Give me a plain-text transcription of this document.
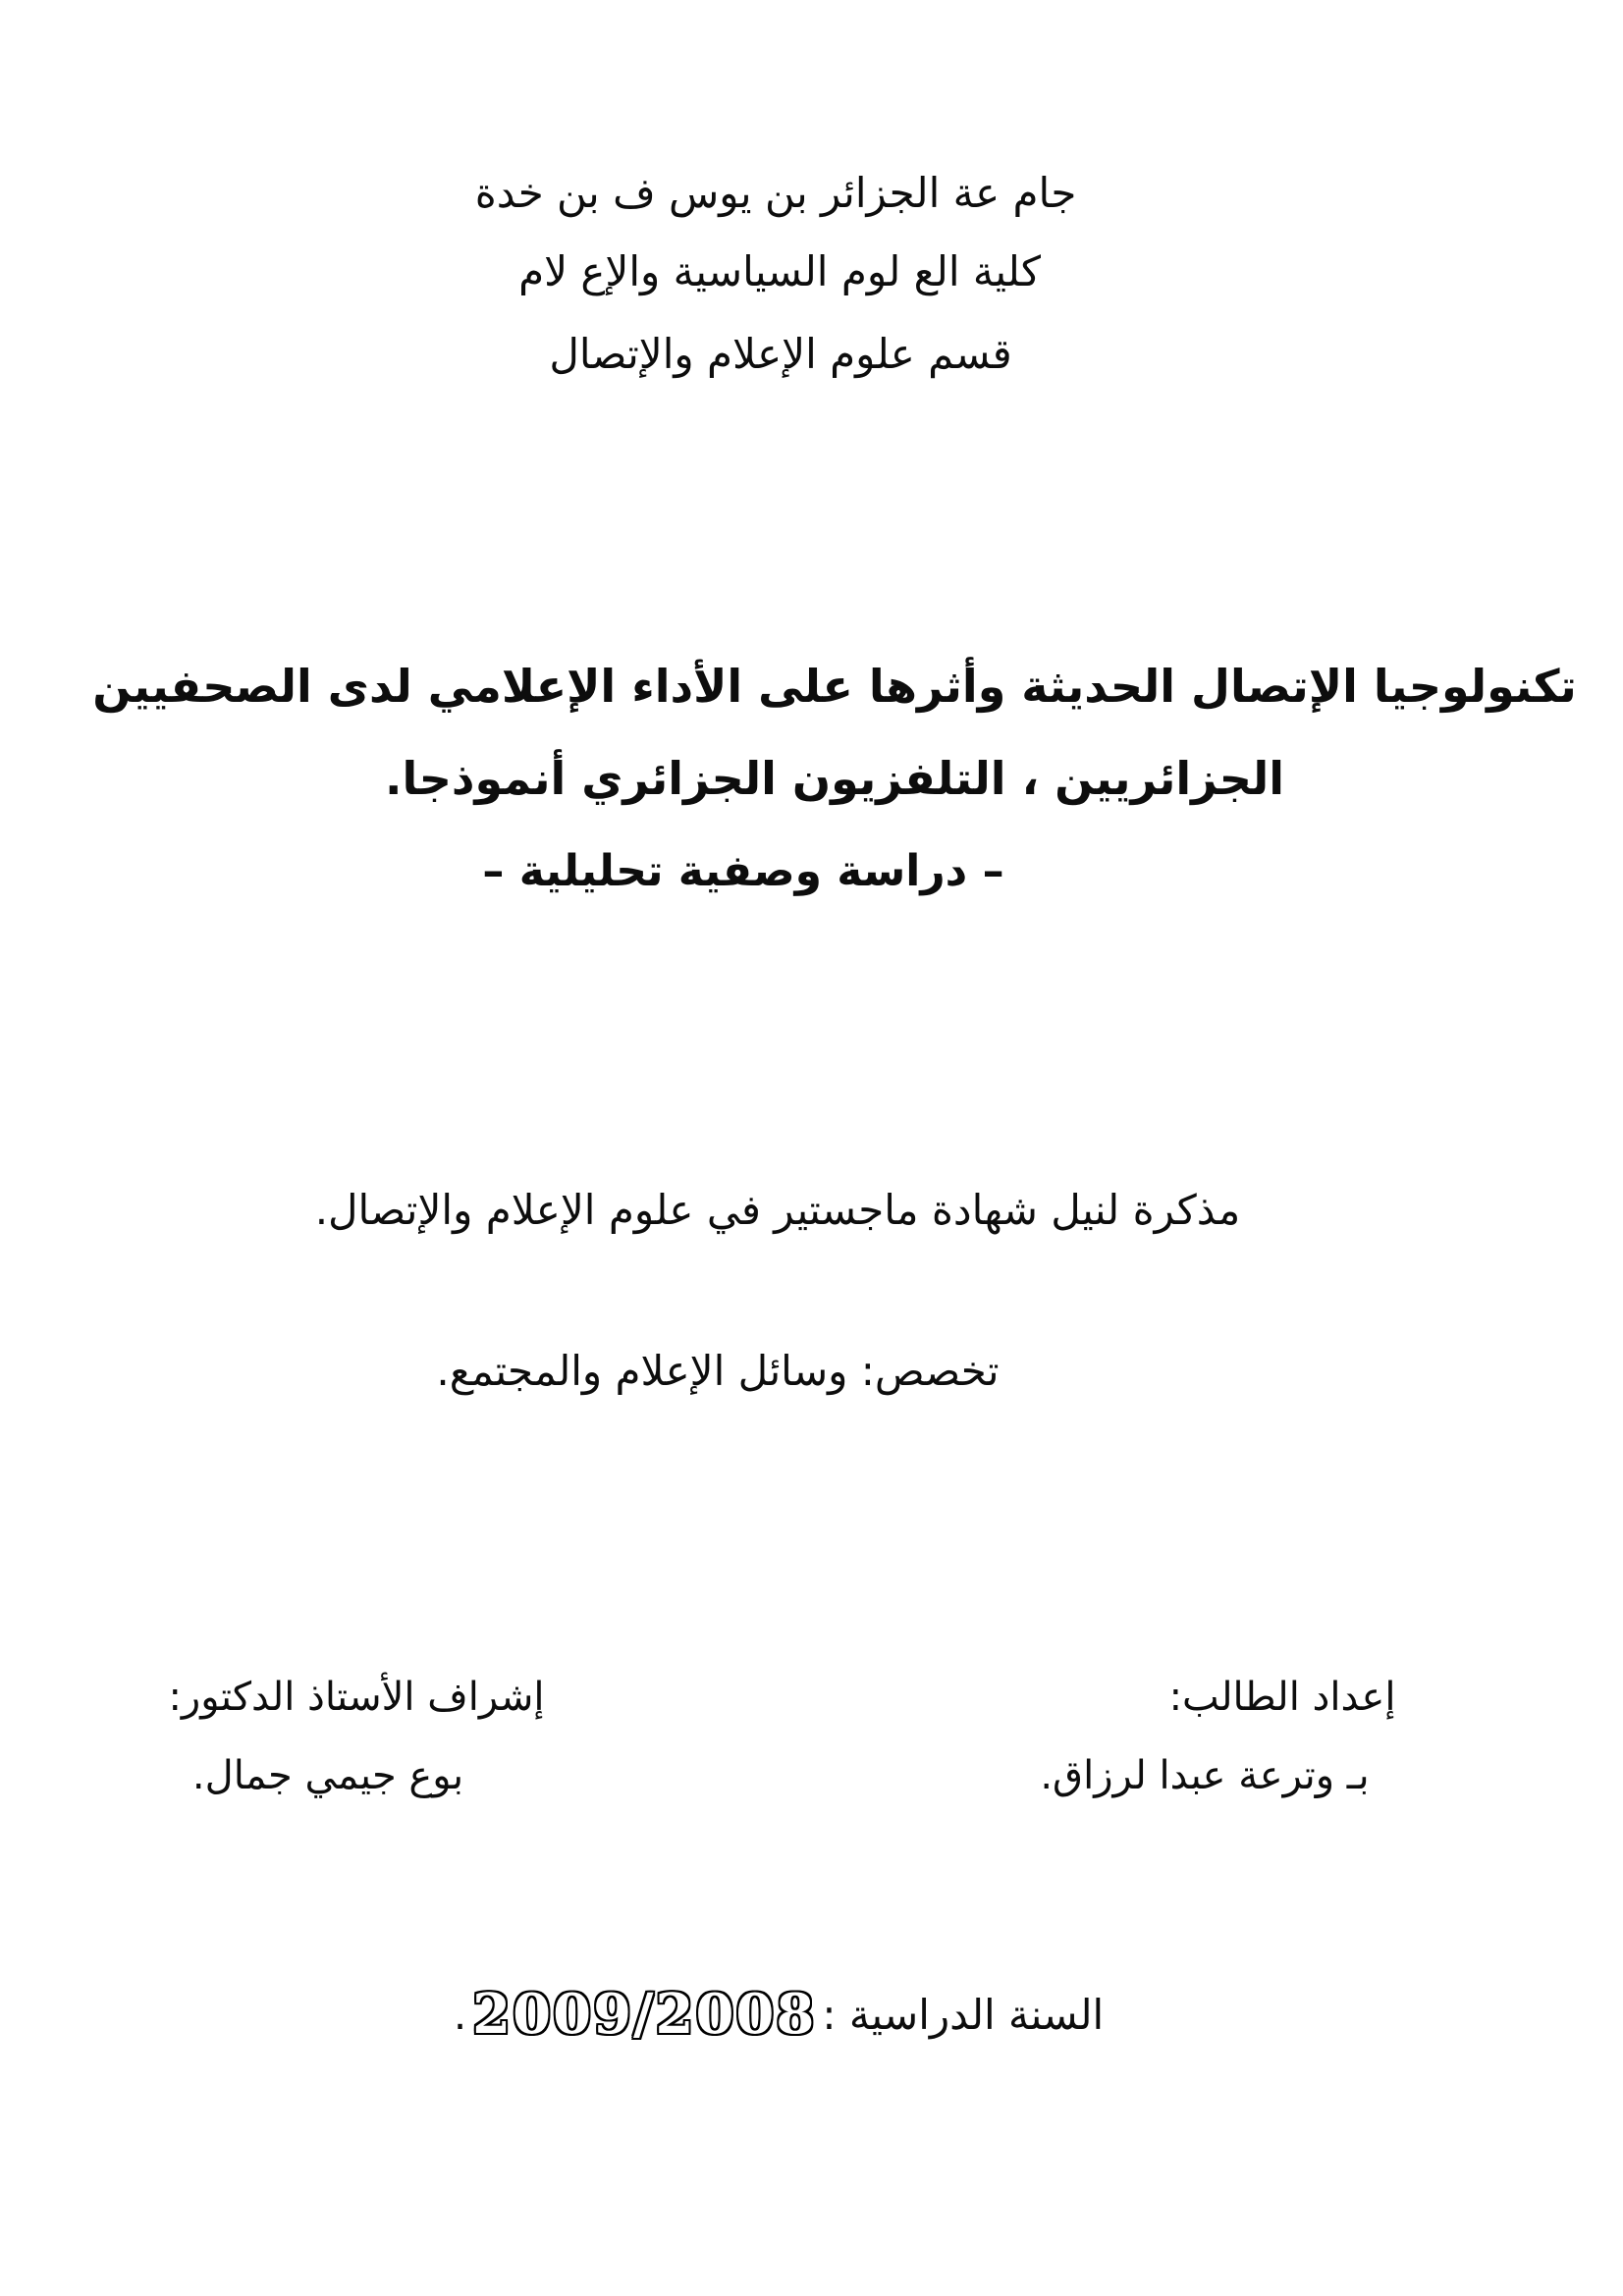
جام عة الجزائر بن يوس ف بن خدة
كلية الع لوم السياسية والإع لام
قسم علوم الإعلام والإتصال
تكنولوجيا الإتصال الحديثة وأثرها على الأداء الإعلامي لدى الصحفيين
الجزائريين ، التلفزيون الجزائري أنموذجا.
– دراسة وصفية تحليلية –
مذكرة لنيل شهادة ماجستير في علوم الإعلام والإتصال.
تخصص: وسائل الإعلام والمجتمع.
إعداد الطالب:
بـ وترعة عبدا لرزاق.
إشراف الأستاذ الدكتور:
بوع جيمي جمال.
السنة الدراسية :
2009/2008
.
